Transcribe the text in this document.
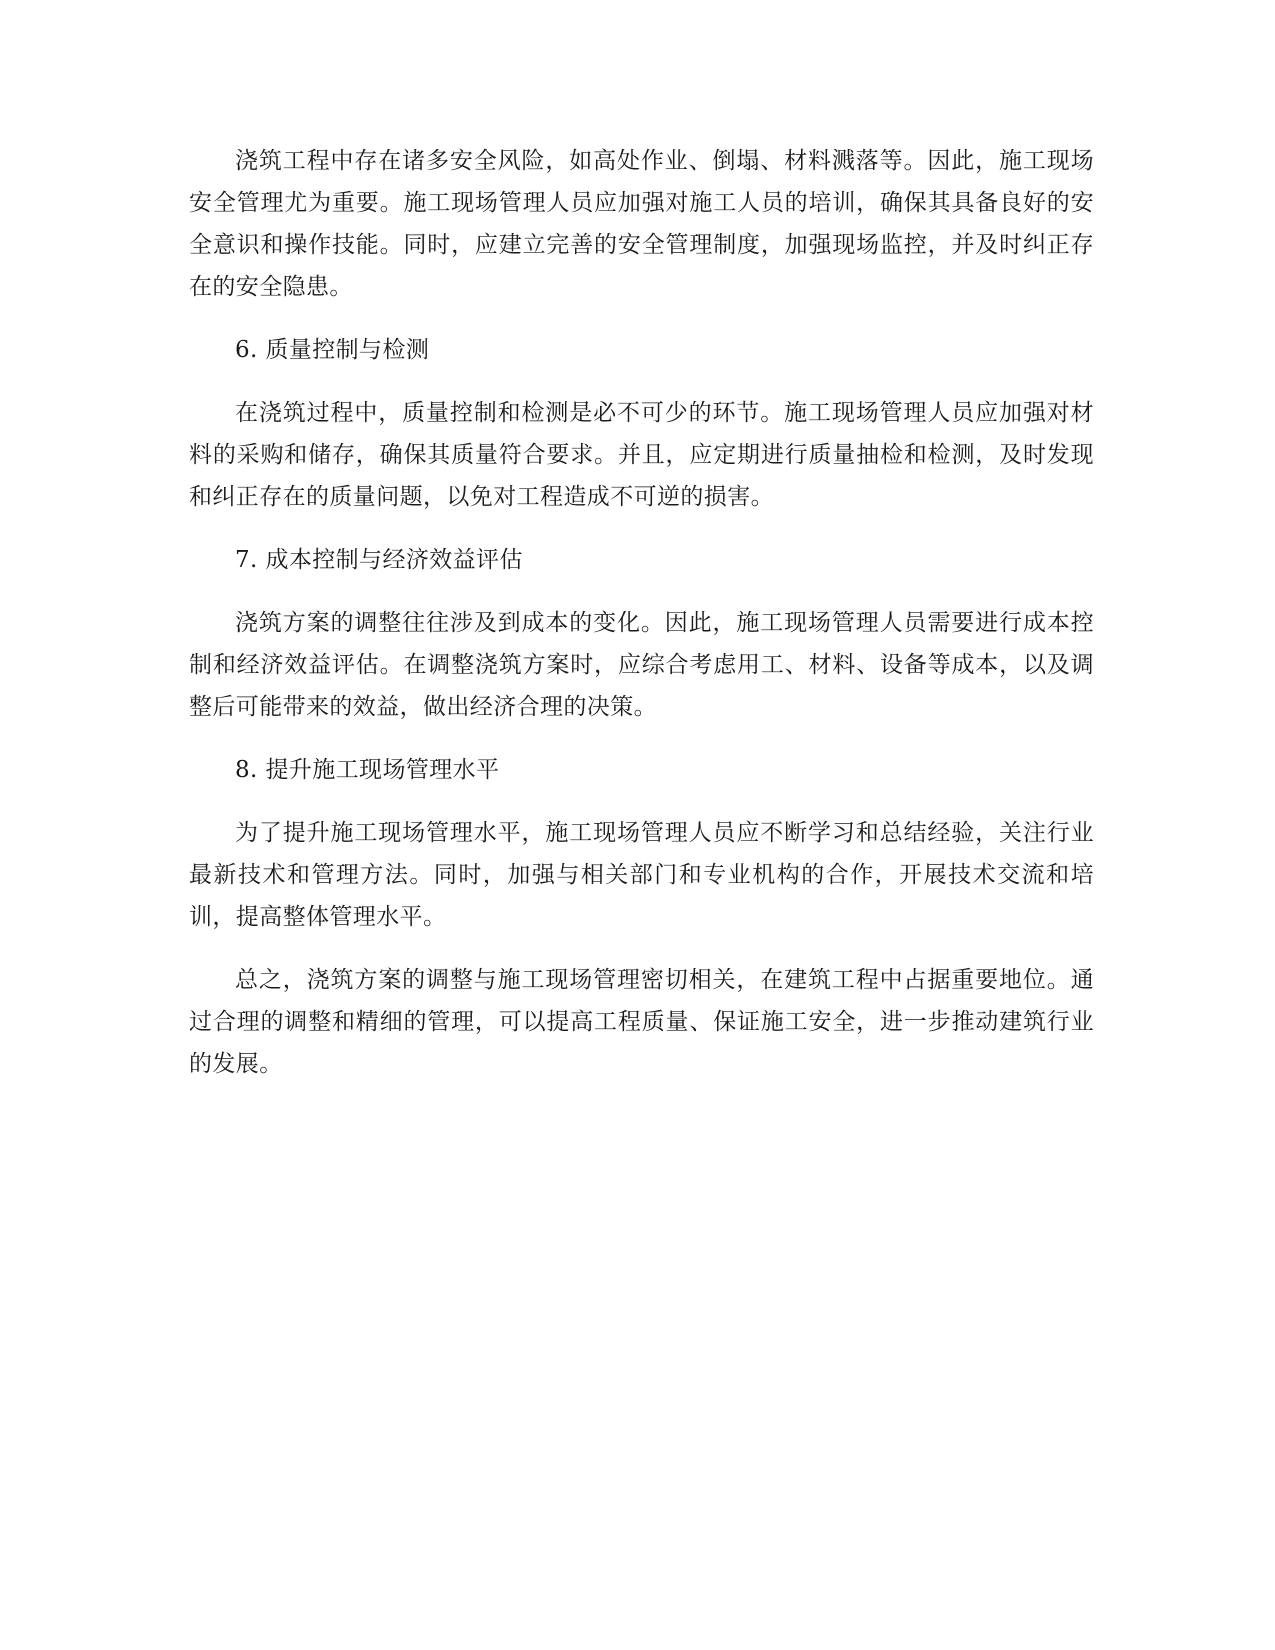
浇筑工程中存在诸多安全风险，如高处作业、倒塌、材料溅落等。因此，施工现场安全管理尤为重要。施工现场管理人员应加强对施工人员的培训，确保其具备良好的安全意识和操作技能。同时，应建立完善的安全管理制度，加强现场监控，并及时纠正存在的安全隐患。

6. 质量控制与检测

在浇筑过程中，质量控制和检测是必不可少的环节。施工现场管理人员应加强对材料的采购和储存，确保其质量符合要求。并且，应定期进行质量抽检和检测，及时发现和纠正存在的质量问题，以免对工程造成不可逆的损害。

7. 成本控制与经济效益评估

浇筑方案的调整往往涉及到成本的变化。因此，施工现场管理人员需要进行成本控制和经济效益评估。在调整浇筑方案时，应综合考虑用工、材料、设备等成本，以及调整后可能带来的效益，做出经济合理的决策。

8. 提升施工现场管理水平

为了提升施工现场管理水平，施工现场管理人员应不断学习和总结经验，关注行业最新技术和管理方法。同时，加强与相关部门和专业机构的合作，开展技术交流和培训，提高整体管理水平。

总之，浇筑方案的调整与施工现场管理密切相关，在建筑工程中占据重要地位。通过合理的调整和精细的管理，可以提高工程质量、保证施工安全，进一步推动建筑行业的发展。
